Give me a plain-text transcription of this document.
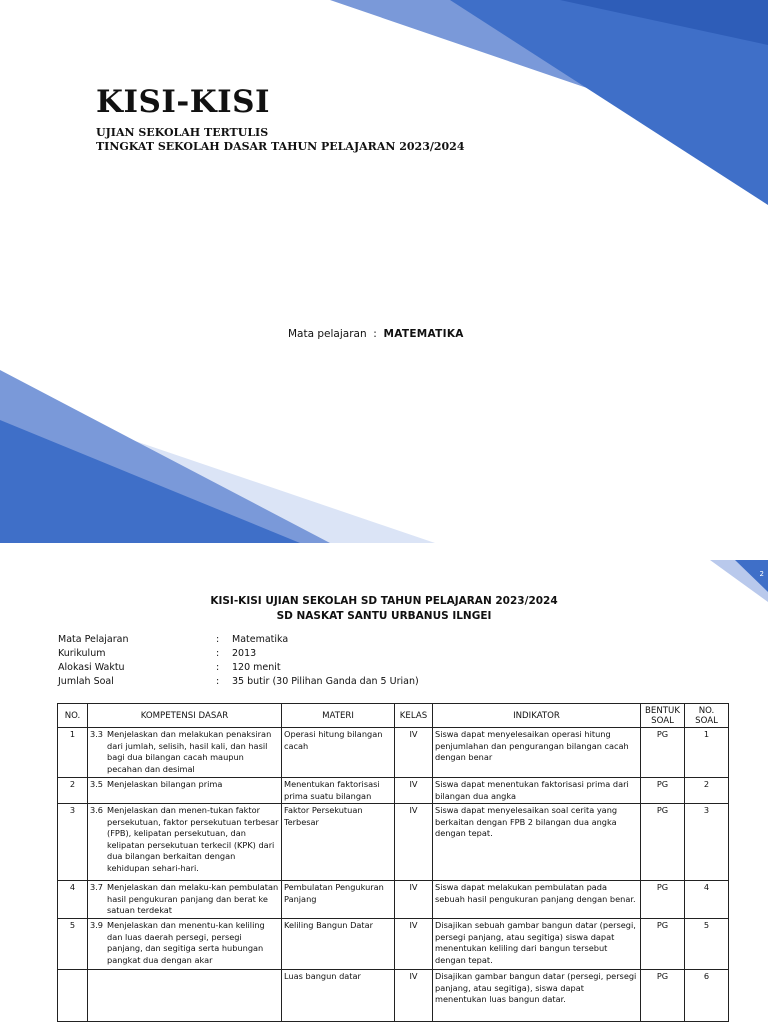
KISI-KISI
UJIAN SEKOLAH TERTULIS
TINGKAT SEKOLAH DASAR TAHUN PELAJARAN 2023/2024
Mata pelajaran  :  MATEMATIKA
2
KISI-KISI UJIAN SEKOLAH SD TAHUN PELAJARAN 2023/2024
SD NASKAT SANTU URBANUS ILNGEI
Mata Pelajaran	: Matematika
Kurikulum	: 2013
Alokasi Waktu	: 120 menit
Jumlah Soal	: 35 butir (30 Pilihan Ganda dan 5 Urian)
NO.	KOMPETENSI DASAR	MATERI	KELAS	INDIKATOR	BENTUK SOAL	NO. SOAL
1	3.3 Menjelaskan dan melakukan penaksiran dari jumlah, selisih, hasil kali, dan hasil bagi dua bilangan cacah maupun pecahan dan desimal	Operasi hitung bilangan cacah	IV	Siswa dapat menyelesaikan operasi hitung penjumlahan dan pengurangan bilangan cacah dengan benar	PG	1
2	3.5 Menjelaskan bilangan prima	Menentukan faktorisasi prima suatu bilangan	IV	Siswa dapat menentukan faktorisasi prima dari bilangan dua angka	PG	2
3	3.6 Menjelaskan dan menen-tukan faktor persekutuan, faktor persekutuan terbesar (FPB), kelipatan persekutuan, dan kelipatan persekutuan terkecil (KPK) dari dua bilangan berkaitan dengan kehidupan sehari-hari.	Faktor Persekutuan Terbesar	IV	Siswa dapat menyelesaikan soal cerita yang berkaitan dengan FPB 2 bilangan dua angka dengan tepat.	PG	3
4	3.7 Menjelaskan dan melaku-kan pembulatan hasil pengukuran panjang dan berat ke satuan terdekat	Pembulatan Pengukuran Panjang	IV	Siswa dapat melakukan pembulatan pada sebuah hasil pengukuran panjang dengan benar.	PG	4
5	3.9 Menjelaskan dan menentu-kan keliling dan luas daerah persegi, persegi panjang, dan segitiga serta hubungan pangkat dua dengan akar	Keliling Bangun Datar	IV	Disajikan sebuah gambar bangun datar (persegi, persegi panjang, atau segitiga) siswa dapat menentukan keliling dari bangun tersebut dengan tepat.	PG	5

	Luas bangun datar	IV	Disajikan gambar bangun datar (persegi, persegi panjang, atau segitiga), siswa dapat menentukan luas bangun datar.	PG	6
